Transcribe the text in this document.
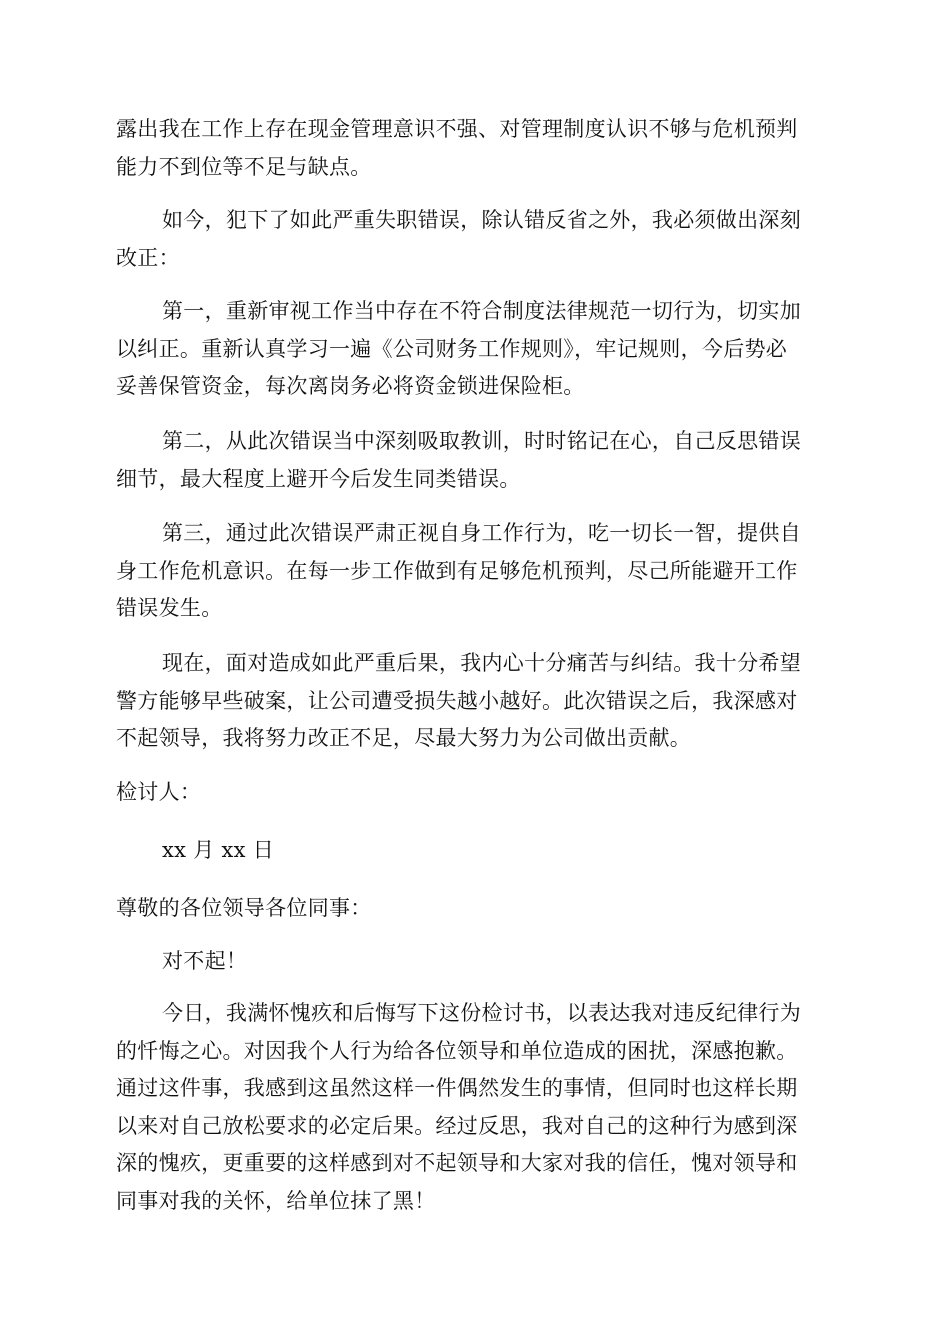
露出我在工作上存在现金管理意识不强、对管理制度认识不够与危机预判
能力不到位等不足与缺点。

如今，犯下了如此严重失职错误，除认错反省之外，我必须做出深刻
改正：

第一，重新审视工作当中存在不符合制度法律规范一切行为，切实加
以纠正。重新认真学习一遍《公司财务工作规则》，牢记规则，今后势必
妥善保管资金，每次离岗务必将资金锁进保险柜。

第二，从此次错误当中深刻吸取教训，时时铭记在心，自己反思错误
细节，最大程度上避开今后发生同类错误。

第三，通过此次错误严肃正视自身工作行为，吃一切长一智，提供自
身工作危机意识。在每一步工作做到有足够危机预判，尽己所能避开工作
错误发生。

现在，面对造成如此严重后果，我内心十分痛苦与纠结。我十分希望
警方能够早些破案，让公司遭受损失越小越好。此次错误之后，我深感对
不起领导，我将努力改正不足，尽最大努力为公司做出贡献。

检讨人：

xx 月 xx 日

尊敬的各位领导各位同事：

对不起！

今日，我满怀愧疚和后悔写下这份检讨书，以表达我对违反纪律行为
的忏悔之心。对因我个人行为给各位领导和单位造成的困扰，深感抱歉。
通过这件事，我感到这虽然这样一件偶然发生的事情，但同时也这样长期
以来对自己放松要求的必定后果。经过反思，我对自己的这种行为感到深
深的愧疚，更重要的这样感到对不起领导和大家对我的信任，愧对领导和
同事对我的关怀，给单位抹了黑！
